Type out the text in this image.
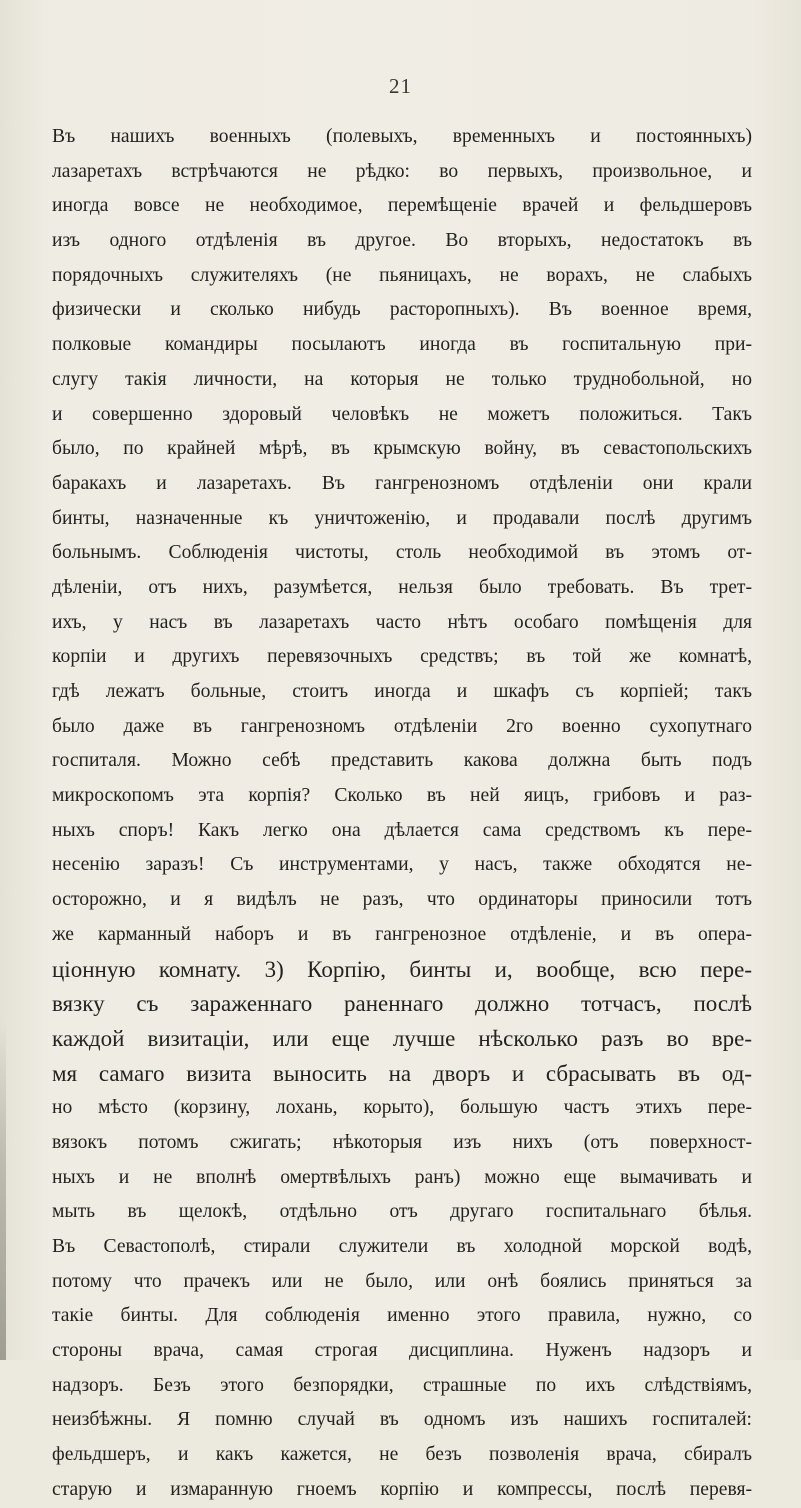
21
Въ нашихъ военныхъ (полевыхъ, временныхъ и постоянныхъ)
лазаретахъ встрѣчаются не рѣдко: во первыхъ, произвольное, и
иногда вовсе не необходимое, перемѣщеніе врачей и фельдшеровъ
изъ одного отдѣленія въ другое. Во вторыхъ, недостатокъ въ
порядочныхъ служителяхъ (не пьяницахъ, не ворахъ, не слабыхъ
физически и сколько нибудь расторопныхъ). Въ военное время,
полковые командиры посылаютъ иногда въ госпитальную при-
слугу такія личности, на которыя не только труднобольной, но
и совершенно здоровый человѣкъ не можетъ положиться. Такъ
было, по крайней мѣрѣ, въ крымскую войну, въ севастопольскихъ
баракахъ и лазаретахъ. Въ гангренозномъ отдѣленіи они крали
бинты, назначенные къ уничтоженію, и продавали послѣ другимъ
больнымъ. Соблюденія чистоты, столь необходимой въ этомъ от-
дѣленіи, отъ нихъ, разумѣется, нельзя было требовать. Въ трет-
ихъ, у насъ въ лазаретахъ часто нѣтъ особаго помѣщенія для
корпіи и другихъ перевязочныхъ средствъ; въ той же комнатѣ,
гдѣ лежатъ больные, стоитъ иногда и шкафъ съ корпіей; такъ
было даже въ гангренозномъ отдѣленіи 2го военно сухопутнаго
госпиталя. Можно себѣ представить какова должна быть подъ
микроскопомъ эта корпія? Сколько въ ней яицъ, грибовъ и раз-
ныхъ споръ! Какъ легко она дѣлается сама средствомъ къ пере-
несенію заразъ! Съ инструментами, у насъ, также обходятся не-
осторожно, и я видѣлъ не разъ, что ординаторы приносили тотъ
же карманный наборъ и въ гангренозное отдѣленіе, и въ опера-
ціонную комнату. 3) Корпію, бинты и, вообще, всю пере-
вязку съ зараженнаго раненнаго должно тотчасъ, послѣ
каждой визитаціи, или еще лучше нѣсколько разъ во вре-
мя самаго визита выносить на дворъ и сбрасывать въ од-
но мѣсто (корзину, лохань, корыто), большую частъ этихъ пере-
вязокъ потомъ сжигать; нѣкоторыя изъ нихъ (отъ поверхност-
ныхъ и не вполнѣ омертвѣлыхъ ранъ) можно еще вымачивать и
мыть въ щелокѣ, отдѣльно отъ другаго госпитальнаго бѣлья.
Въ Севастополѣ, стирали служители въ холодной морской водѣ,
потому что прачекъ или не было, или онѣ боялись приняться за
такіе бинты. Для соблюденія именно этого правила, нужно, со
стороны врача, самая строгая дисциплина. Нуженъ надзоръ и
надзоръ. Безъ этого безпорядки, страшные по ихъ слѣдствіямъ,
неизбѣжны. Я помню случай въ одномъ изъ нашихъ госпиталей:
фельдшеръ, и какъ кажется, не безъ позволенія врача, сбиралъ
старую и измаранную гноемъ корпію и компрессы, послѣ перевя-
